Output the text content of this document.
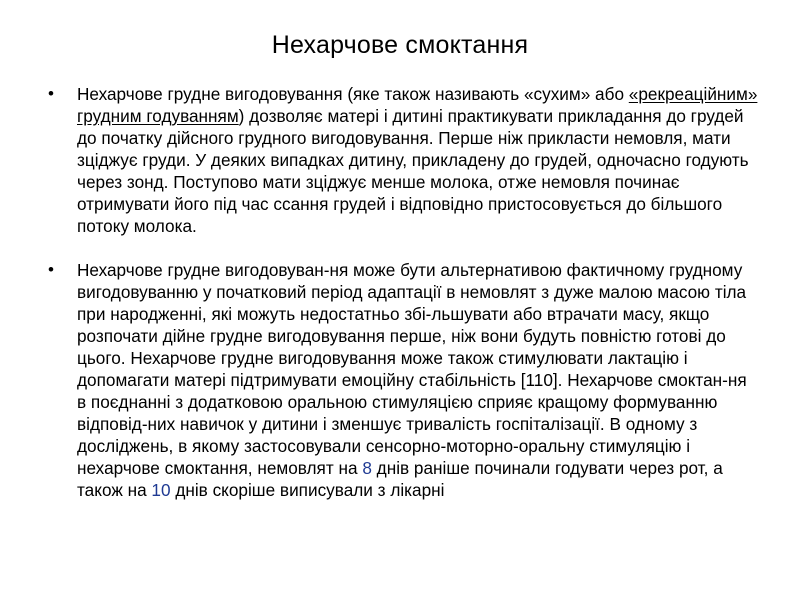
Нехарчове смоктання
• Нехарчове грудне вигодовування (яке також називають «сухим» або «рекреаційним» грудним годуванням) дозволяє матері і дитині практикувати прикладання до грудей до початку дійсного грудного вигодовування. Перше ніж прикласти немовля, мати зціджує груди. У деяких випадках дитину, прикладену до грудей, одночасно годують через зонд. Поступово мати зціджує менше молока, отже немовля починає отримувати його під час ссання грудей і відповідно пристосовується до більшого потоку молока.
• Нехарчове грудне вигодовуван-ня може бути альтернативою фактичному грудному вигодовуванню у початковий період адаптації в немовлят з дуже малою масою тіла при народженні, які можуть недостатньо збі-льшувати або втрачати масу, якщо розпочати дійне грудне вигодовування перше, ніж вони будуть повністю готові до цього. Нехарчове грудне вигодовування може також стимулювати лактацію і допомагати матері підтримувати емоційну стабільність [110]. Нехарчове смоктан-ня в поєднанні з додатковою оральною стимуляцією сприяє кращому формуванню відповід-них навичок у дитини і зменшує тривалість госпіталізації. В одному з досліджень, в якому застосовували сенсорно-моторно-оральну стимуляцію і нехарчове смоктання, немовлят на 8 днів раніше починали годувати через рот, а також на 10 днів скоріше виписували з лікарні
